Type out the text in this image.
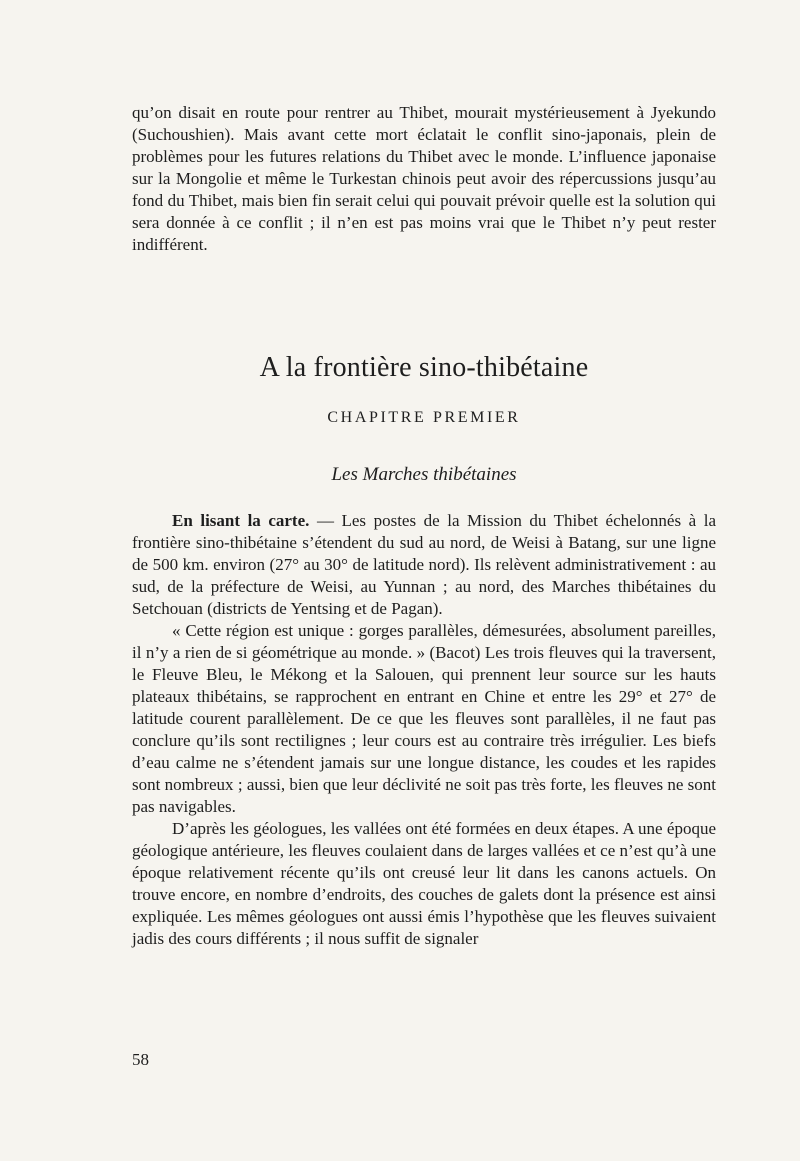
qu’on disait en route pour rentrer au Thibet, mourait mystérieusement à Jyekundo (Suchoushien). Mais avant cette mort éclatait le conflit sino-japonais, plein de problèmes pour les futures relations du Thibet avec le monde. L’influence japonaise sur la Mongolie et même le Turkestan chinois peut avoir des répercussions jusqu’au fond du Thibet, mais bien fin serait celui qui pouvait prévoir quelle est la solution qui sera donnée à ce conflit ; il n’en est pas moins vrai que le Thibet n’y peut rester indifférent.

A la frontière sino-thibétaine
CHAPITRE PREMIER
Les Marches thibétaines

En lisant la carte. — Les postes de la Mission du Thibet échelonnés à la frontière sino-thibétaine s’étendent du sud au nord, de Weisi à Batang, sur une ligne de 500 km. environ (27° au 30° de latitude nord). Ils relèvent administrativement : au sud, de la préfecture de Weisi, au Yunnan ; au nord, des Marches thibétaines du Setchouan (districts de Yentsing et de Pagan).

« Cette région est unique : gorges parallèles, démesurées, absolument pareilles, il n’y a rien de si géométrique au monde. » (Bacot) Les trois fleuves qui la traversent, le Fleuve Bleu, le Mékong et la Salouen, qui prennent leur source sur les hauts plateaux thibétains, se rapprochent en entrant en Chine et entre les 29° et 27° de latitude courent parallèlement. De ce que les fleuves sont parallèles, il ne faut pas conclure qu’ils sont rectilignes ; leur cours est au contraire très irrégulier. Les biefs d’eau calme ne s’étendent jamais sur une longue distance, les coudes et les rapides sont nombreux ; aussi, bien que leur déclivité ne soit pas très forte, les fleuves ne sont pas navigables.

D’après les géologues, les vallées ont été formées en deux étapes. A une époque géologique antérieure, les fleuves coulaient dans de larges vallées et ce n’est qu’à une époque relativement récente qu’ils ont creusé leur lit dans les canons actuels. On trouve encore, en nombre d’endroits, des couches de galets dont la présence est ainsi expliquée. Les mêmes géologues ont aussi émis l’hypothèse que les fleuves suivaient jadis des cours différents ; il nous suffit de signaler

58
